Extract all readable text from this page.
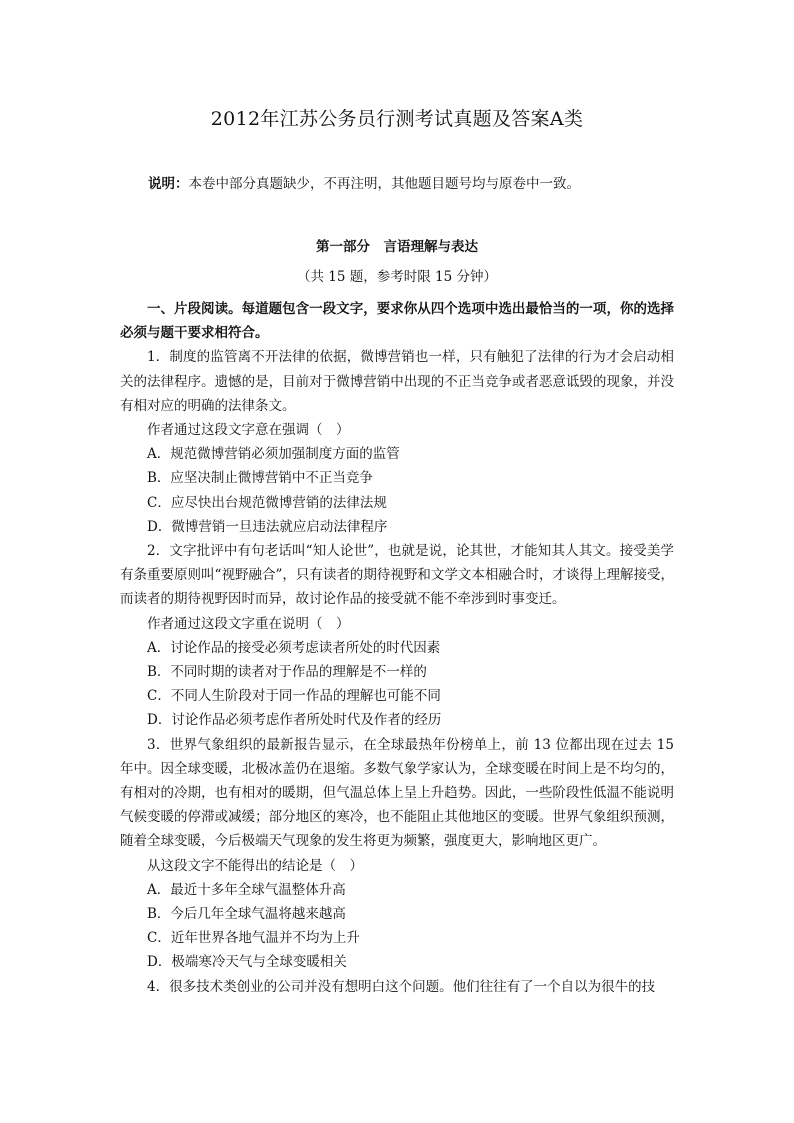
2012年江苏公务员行测考试真题及答案A类
说明：本卷中部分真题缺少，不再注明，其他题目题号均与原卷中一致。
第一部分　言语理解与表达
（共 15 题，参考时限 15 分钟）

一、片段阅读。每道题包含一段文字，要求你从四个选项中选出最恰当的一项，你的选择必须与题干要求相符合。

1．制度的监管离不开法律的依据，微博营销也一样，只有触犯了法律的行为才会启动相关的法律程序。遗憾的是，目前对于微博营销中出现的不正当竞争或者恶意诋毁的现象，并没有相对应的明确的法律条文。

作者通过这段文字意在强调（　）

A．规范微博营销必须加强制度方面的监管

B．应坚决制止微博营销中不正当竞争

C．应尽快出台规范微博营销的法律法规

D．微博营销一旦违法就应启动法律程序

2．文字批评中有句老话叫“知人论世”，也就是说，论其世，才能知其人其文。接受美学有条重要原则叫“视野融合”，只有读者的期待视野和文学文本相融合时，才谈得上理解接受，而读者的期待视野因时而异，故讨论作品的接受就不能不牵涉到时事变迁。

作者通过这段文字重在说明（　）

A．讨论作品的接受必须考虑读者所处的时代因素

B．不同时期的读者对于作品的理解是不一样的

C．不同人生阶段对于同一作品的理解也可能不同

D．讨论作品必须考虑作者所处时代及作者的经历

3．世界气象组织的最新报告显示，在全球最热年份榜单上，前 13 位都出现在过去 15 年中。因全球变暖，北极冰盖仍在退缩。多数气象学家认为，全球变暖在时间上是不均匀的，有相对的冷期，也有相对的暖期，但气温总体上呈上升趋势。因此，一些阶段性低温不能说明气候变暖的停滞或减缓；部分地区的寒冷，也不能阻止其他地区的变暖。世界气象组织预测，随着全球变暖，今后极端天气现象的发生将更为频繁，强度更大，影响地区更广。

从这段文字不能得出的结论是（　）

A．最近十多年全球气温整体升高

B．今后几年全球气温将越来越高

C．近年世界各地气温并不均为上升

D．极端寒冷天气与全球变暖相关

4．很多技术类创业的公司并没有想明白这个问题。他们往往有了一个自以为很牛的技
